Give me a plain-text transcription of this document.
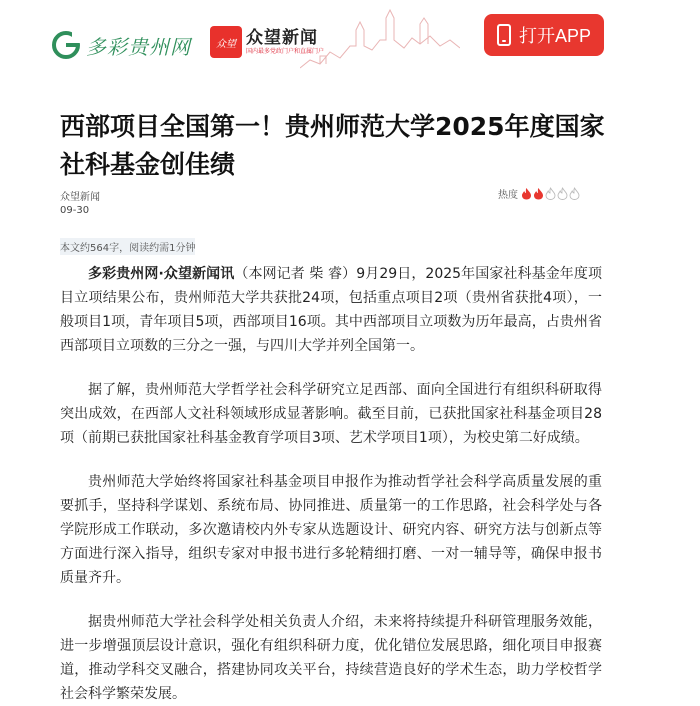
多彩贵州网	众望 众望新闻
国内最多党政门户和直属门户
打开APP
西部项目全国第一！贵州师范大学2025年度国家社科基金创佳绩
众望新闻
09-30
热度
本文约564字，阅读约需1分钟

多彩贵州网·众望新闻讯（本网记者 柴 睿）9月29日，2025年国家社科基金年度项目立项结果公布，贵州师范大学共获批24项，包括重点项目2项（贵州省获批4项），一般项目1项，青年项目5项，西部项目16项。其中西部项目立项数为历年最高，占贵州省西部项目立项数的三分之一强，与四川大学并列全国第一。

据了解，贵州师范大学哲学社会科学研究立足西部、面向全国进行有组织科研取得突出成效，在西部人文社科领域形成显著影响。截至目前，已获批国家社科基金项目28项（前期已获批国家社科基金教育学项目3项、艺术学项目1项），为校史第二好成绩。

贵州师范大学始终将国家社科基金项目申报作为推动哲学社会科学高质量发展的重要抓手，坚持科学谋划、系统布局、协同推进、质量第一的工作思路，社会科学处与各学院形成工作联动，多次邀请校内外专家从选题设计、研究内容、研究方法与创新点等方面进行深入指导，组织专家对申报书进行多轮精细打磨、一对一辅导等，确保申报书质量齐升。

据贵州师范大学社会科学处相关负责人介绍，未来将持续提升科研管理服务效能，进一步增强顶层设计意识，强化有组织科研力度，优化错位发展思路，细化项目申报赛道，推动学科交叉融合，搭建协同攻关平台，持续营造良好的学术生态，助力学校哲学社会科学繁荣发展。
